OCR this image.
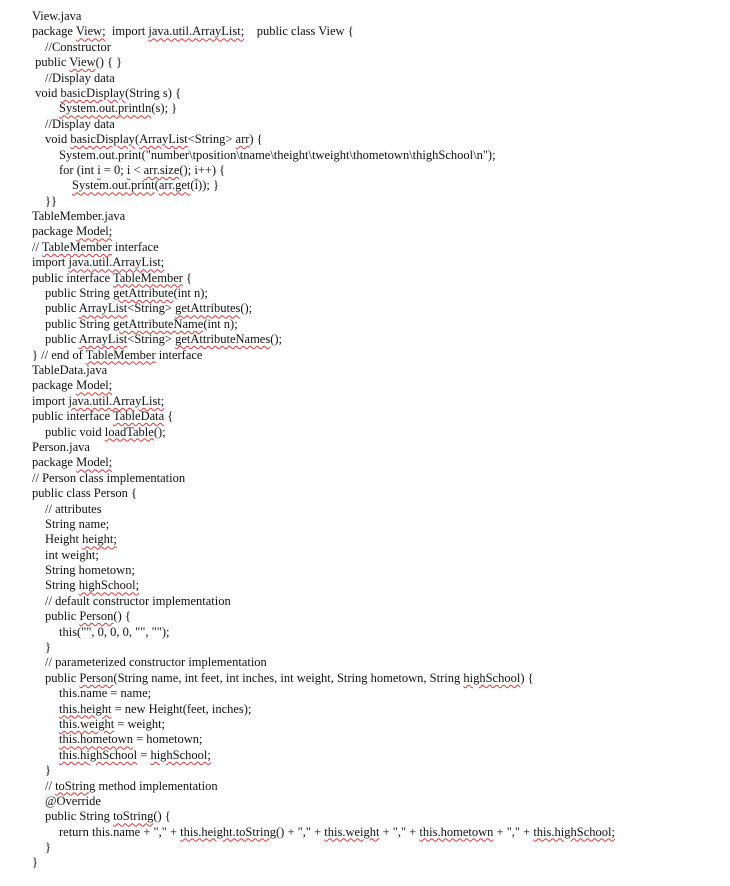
View.java
package View;  import java.util.ArrayList;    public class View {
//Constructor
public View() { }
//Display data
void basicDisplay(String s) {
System.out.println(s); }
//Display data
void basicDisplay(ArrayList<String> arr) {
System.out.print("number\tposition\tname\theight\tweight\thometown\thighSchool\n");
for (int i = 0; i < arr.size(); i++) {
System.out.print(arr.get(i)); }
}}
TableMember.java
package Model;
// TableMember interface
import java.util.ArrayList;
public interface TableMember {
public String getAttribute(int n);
public ArrayList<String> getAttributes();
public String getAttributeName(int n);
public ArrayList<String> getAttributeNames();
} // end of TableMember interface
TableData.java
package Model;
import java.util.ArrayList;
public interface TableData {
public void loadTable();
Person.java
package Model;
// Person class implementation
public class Person {
// attributes
String name;
Height height;
int weight;
String hometown;
String highSchool;
// default constructor implementation
public Person() {
this("", 0, 0, 0, "", "");
}
// parameterized constructor implementation
public Person(String name, int feet, int inches, int weight, String hometown, String highSchool) {
this.name = name;
this.height = new Height(feet, inches);
this.weight = weight;
this.hometown = hometown;
this.highSchool = highSchool;
}
// toString method implementation
@Override
public String toString() {
return this.name + "," + this.height.toString() + "," + this.weight + "," + this.hometown + "," + this.highSchool;
}
}
